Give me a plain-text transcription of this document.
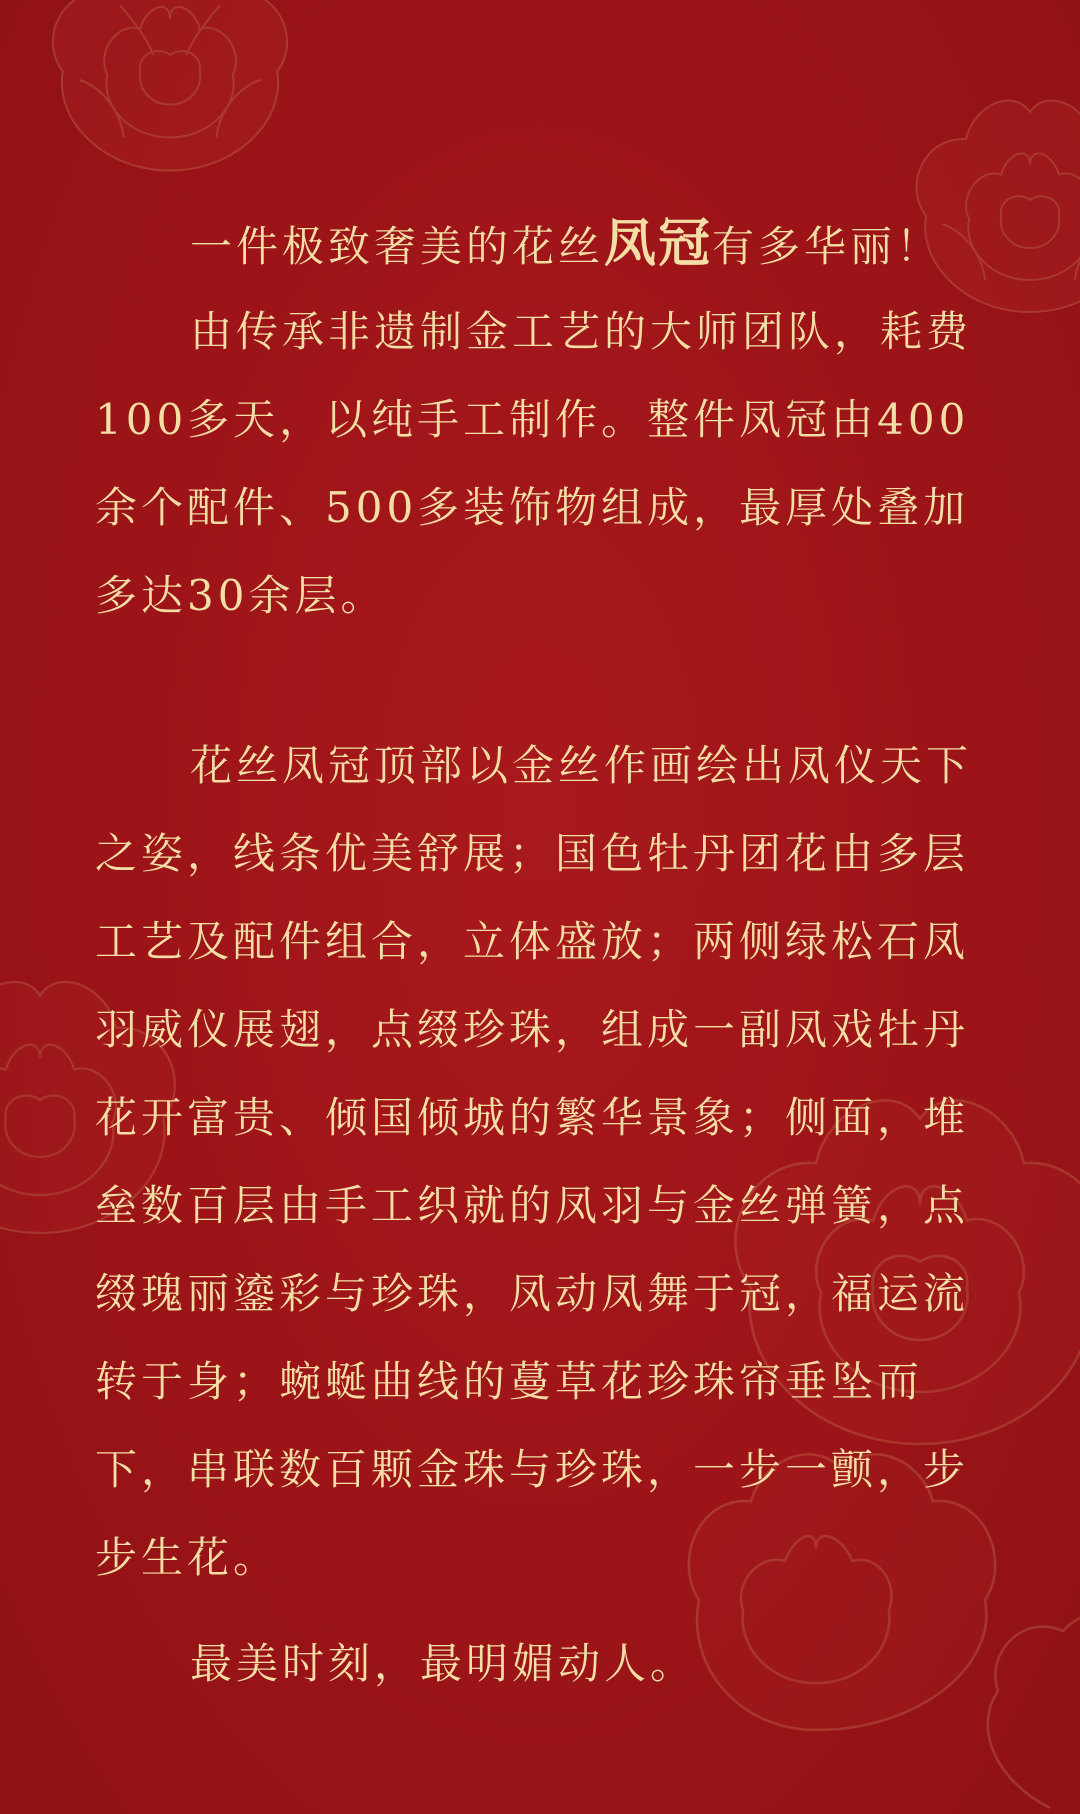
一件极致奢美的花丝凤冠有多华丽！

由传承非遗制金工艺的大师团队，耗费100多天，以纯手工制作。整件凤冠由400余个配件、500多装饰物组成，最厚处叠加多达30余层。

花丝凤冠顶部以金丝作画绘出凤仪天下之姿，线条优美舒展；国色牡丹团花由多层工艺及配件组合，立体盛放；两侧绿松石凤羽威仪展翅，点缀珍珠，组成一副凤戏牡丹花开富贵、倾国倾城的繁华景象；侧面，堆垒数百层由手工织就的凤羽与金丝弹簧，点缀瑰丽鎏彩与珍珠，凤动凤舞于冠，福运流转于身；蜿蜒曲线的蔓草花珍珠帘垂坠而下，串联数百颗金珠与珍珠，一步一颤，步步生花。

最美时刻，最明媚动人。
